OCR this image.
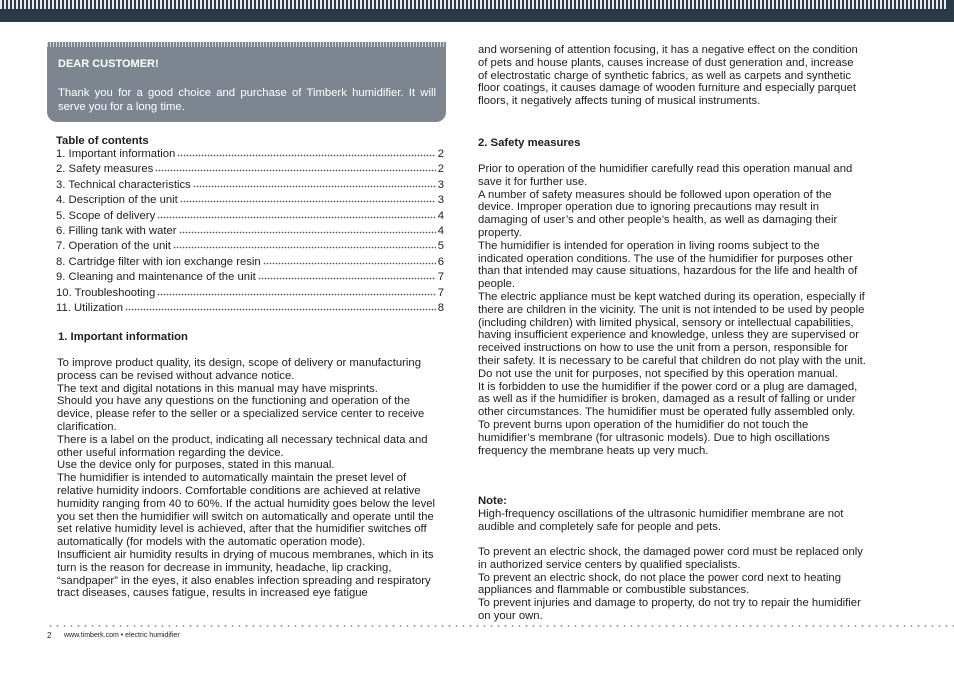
DEAR CUSTOMER!
Thank you for a good choice and purchase of Timberk humidifier. It will serve you for a long time.
Table of contents
1. Important information	2
2. Safety measures	2
3. Technical characteristics	3
4. Description of the unit	3
5. Scope of delivery	4
6. Filling tank with water	4
7. Operation of the unit	5
8. Cartridge filter with ion exchange resin	6
9. Cleaning and maintenance of the unit	7
10. Troubleshooting	7
11. Utilization	8
1. Important information

To improve product quality, its design, scope of delivery or manufacturing process can be revised without advance notice.

The text and digital notations in this manual may have misprints.

Should you have any questions on the functioning and operation of the device, please refer to the seller or a specialized service center to receive clarification.

There is a label on the product, indicating all necessary technical data and other useful information regarding the device.

Use the device only for purposes, stated in this manual.

The humidifier is intended to automatically maintain the preset level of relative humidity indoors. Comfortable conditions are achieved at relative humidity ranging from 40 to 60%. If the actual humidity goes below the level you set then the humidifier will switch on automatically and operate until the set relative humidity level is achieved, after that the humidifier switches off automatically (for models with the automatic operation mode).

Insufficient air humidity results in drying of mucous membranes, which in its turn is the reason for decrease in immunity, headache, lip cracking, “sandpaper” in the eyes, it also enables infection spreading and respiratory tract diseases, causes fatigue, results in increased eye fatigue

and worsening of attention focusing, it has a negative effect on the condition of pets and house plants, causes increase of dust generation and, increase of electrostatic charge of synthetic fabrics, as well as carpets and synthetic floor coatings, it causes damage of wooden furniture and especially parquet floors, it negatively affects tuning of musical instruments.
2. Safety measures

Prior to operation of the humidifier carefully read this operation manual and save it for further use.

A number of safety measures should be followed upon operation of the device. Improper operation due to ignoring precautions may result in damaging of user’s and other people’s health, as well as damaging their property.

The humidifier is intended for operation in living rooms subject to the indicated operation conditions. The use of the humidifier for purposes other than that intended may cause situations, hazardous for the life and health of people.

The electric appliance must be kept watched during its operation, especially if there are children in the vicinity. The unit is not intended to be used by people (including children) with limited physical, sensory or intellectual capabilities, having insufficient experience and knowledge, unless they are supervised or received instructions on how to use the unit from a person, responsible for their safety. It is necessary to be careful that children do not play with the unit.

Do not use the unit for purposes, not specified by this operation manual.

It is forbidden to use the humidifier if the power cord or a plug are damaged, as well as if the humidifier is broken, damaged as a result of falling or under other circumstances. The humidifier must be operated fully assembled only.

To prevent burns upon operation of the humidifier do not touch the humidifier’s membrane (for ultrasonic models). Due to high oscillations frequency the membrane heats up very much.

Note:
High-frequency oscillations of the ultrasonic humidifier membrane are not audible and completely safe for people and pets.

To prevent an electric shock, the damaged power cord must be replaced only in authorized service centers by qualified specialists.

To prevent an electric shock, do not place the power cord next to heating appliances and flammable or combustible substances.

To prevent injuries and damage to property, do not try to repair the humidifier on your own.

2 www.timberk.com • electric humidifier
